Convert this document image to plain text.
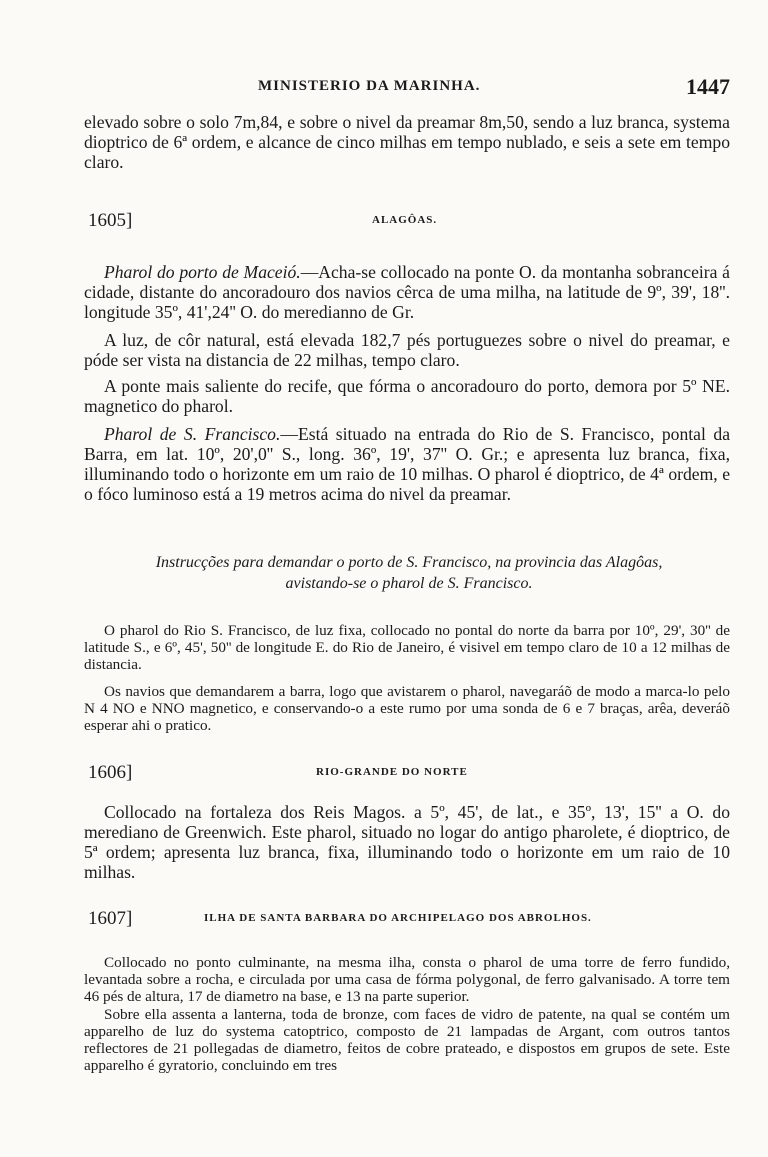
MINISTERIO DA MARINHA.	1447
elevado sobre o solo 7m,84, e sobre o nivel da preamar 8m,50, sendo a luz branca, systema dioptrico de 6ª ordem, e alcance de cinco milhas em tempo nublado, e seis a sete em tempo claro.
1605]	ALAGÔAS.
Pharol do porto de Maceió.—Acha-se collocado na ponte O. da montanha sobranceira á cidade, distante do ancoradouro dos navios cêrca de uma milha, na latitude de 9º, 39', 18''. longitude 35º, 41',24'' O. do meredianno de Gr.
A luz, de côr natural, está elevada 182,7 pés portuguezes sobre o nivel do preamar, e póde ser vista na distancia de 22 milhas, tempo claro.
A ponte mais saliente do recife, que fórma o ancoradouro do porto, demora por 5º NE. magnetico do pharol.
Pharol de S. Francisco.—Está situado na entrada do Rio de S. Francisco, pontal da Barra, em lat. 10º, 20',0'' S., long. 36º, 19', 37'' O. Gr.; e apresenta luz branca, fixa, illuminando todo o horizonte em um raio de 10 milhas. O pharol é dioptrico, de 4ª ordem, e o fóco luminoso está a 19 metros acima do nivel da preamar.
Instrucções para demandar o porto de S. Francisco, na provincia das Alagôas,
avistando-se o pharol de S. Francisco.
O pharol do Rio S. Francisco, de luz fixa, collocado no pontal do norte da barra por 10º, 29', 30'' de latitude S., e 6º, 45', 50'' de longitude E. do Rio de Janeiro, é visivel em tempo claro de 10 a 12 milhas de distancia.
Os navios que demandarem a barra, logo que avistarem o pharol, navegaráõ de modo a marca-lo pelo N 4 NO e NNO magnetico, e conservando-o a este rumo por uma sonda de 6 e 7 braças, arêa, deveráõ esperar ahi o pratico.
1606]	RIO-GRANDE DO NORTE
Collocado na fortaleza dos Reis Magos. a 5º, 45', de lat., e 35º, 13', 15'' a O. do merediano de Greenwich. Este pharol, situado no logar do antigo pharolete, é dioptrico, de 5ª ordem; apresenta luz branca, fixa, illuminando todo o horizonte em um raio de 10 milhas.
1607]	ILHA DE SANTA BARBARA DO ARCHIPELAGO DOS ABROLHOS.
Collocado no ponto culminante, na mesma ilha, consta o pharol de uma torre de ferro fundido, levantada sobre a rocha, e circulada por uma casa de fórma polygonal, de ferro galvanisado. A torre tem 46 pés de altura, 17 de diametro na base, e 13 na parte superior.
Sobre ella assenta a lanterna, toda de bronze, com faces de vidro de patente, na qual se contém um apparelho de luz do systema catoptrico, composto de 21 lampadas de Argant, com outros tantos reflectores de 21 pollegadas de diametro, feitos de cobre prateado, e dispostos em grupos de sete. Este apparelho é gyratorio, concluindo em tres
